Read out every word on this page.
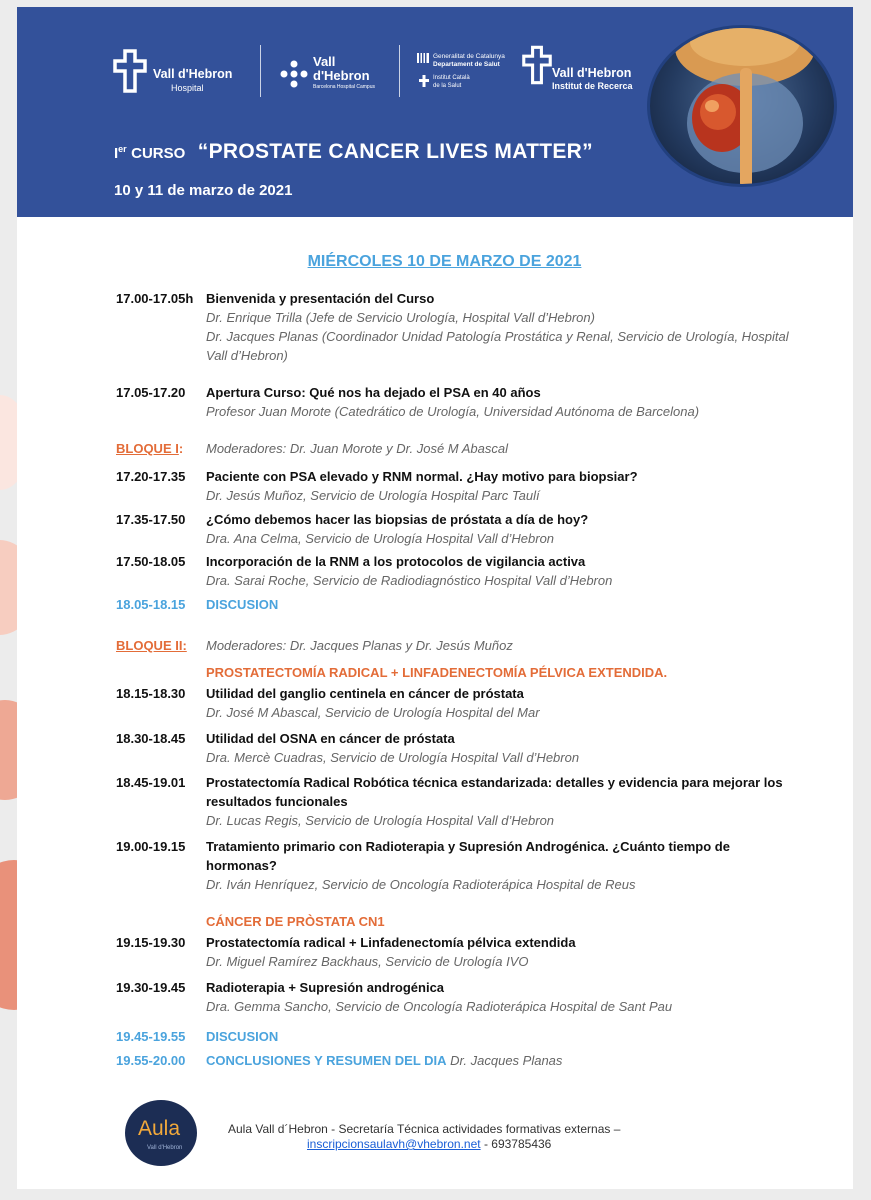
Vall d'Hebron
Hospital
Vall
d'Hebron
Barcelona Hospital Campus
Generalitat de Catalunya
Departament de Salut
Institut Català
de la Salut
Vall d'Hebron
Institut de Recerca
Ier CURSO “PROSTATE CANCER LIVES MATTER”
10 y 11 de marzo de 2021
MIÉRCOLES 10 DE MARZO DE 2021
17.00-17.05h Bienvenida y presentación del Curso
Dr. Enrique Trilla (Jefe de Servicio Urología, Hospital Vall d’Hebron)
Dr. Jacques Planas (Coordinador Unidad Patología Prostática y Renal, Servicio de Urología, Hospital Vall d’Hebron)
17.05-17.20	Apertura Curso: Qué nos ha dejado el PSA en 40 años
Profesor Juan Morote (Catedrático de Urología, Universidad Autónoma de Barcelona)
BLOQUE I:	Moderadores: Dr. Juan Morote y Dr. José M Abascal
17.20-17.35	Paciente con PSA elevado y RNM normal. ¿Hay motivo para biopsiar?
Dr. Jesús Muñoz, Servicio de Urología Hospital Parc Taulí
17.35-17.50	¿Cómo debemos hacer las biopsias de próstata a día de hoy?
Dra. Ana Celma, Servicio de Urología Hospital Vall d’Hebron
17.50-18.05	Incorporación de la RNM a los protocolos de vigilancia activa
Dra. Sarai Roche, Servicio de Radiodiagnóstico Hospital Vall d’Hebron
18.05-18.15	DISCUSION
BLOQUE II:	Moderadores: Dr. Jacques Planas y Dr. Jesús Muñoz
PROSTATECTOMÍA RADICAL + LINFADENECTOMÍA PÉLVICA EXTENDIDA.
18.15-18.30	Utilidad del ganglio centinela en cáncer de próstata
Dr. José M Abascal, Servicio de Urología Hospital del Mar
18.30-18.45	Utilidad del OSNA en cáncer de próstata
Dra. Mercè Cuadras, Servicio de Urología Hospital Vall d’Hebron
18.45-19.01	Prostatectomía Radical Robótica técnica estandarizada: detalles y evidencia para mejorar los resultados funcionales
Dr. Lucas Regis, Servicio de Urología Hospital Vall d’Hebron
19.00-19.15	Tratamiento primario con Radioterapia y Supresión Androgénica. ¿Cuánto tiempo de hormonas?
Dr. Iván Henríquez, Servicio de Oncología Radioterápica Hospital de Reus
CÁNCER DE PRÒSTATA CN1
19.15-19.30	Prostatectomía radical + Linfadenectomía pélvica extendida
Dr. Miguel Ramírez Backhaus, Servicio de Urología IVO
19.30-19.45	Radioterapia + Supresión androgénica
Dra. Gemma Sancho, Servicio de Oncología Radioterápica Hospital de Sant Pau
19.45-19.55	DISCUSION
19.55-20.00	CONCLUSIONES Y RESUMEN DEL DIA Dr. Jacques Planas
Aula
Vall d'Hebron
Aula Vall d´Hebron - Secretaría Técnica actividades formativas externas –
inscripcionsaulavh@vhebron.net - 693785436
